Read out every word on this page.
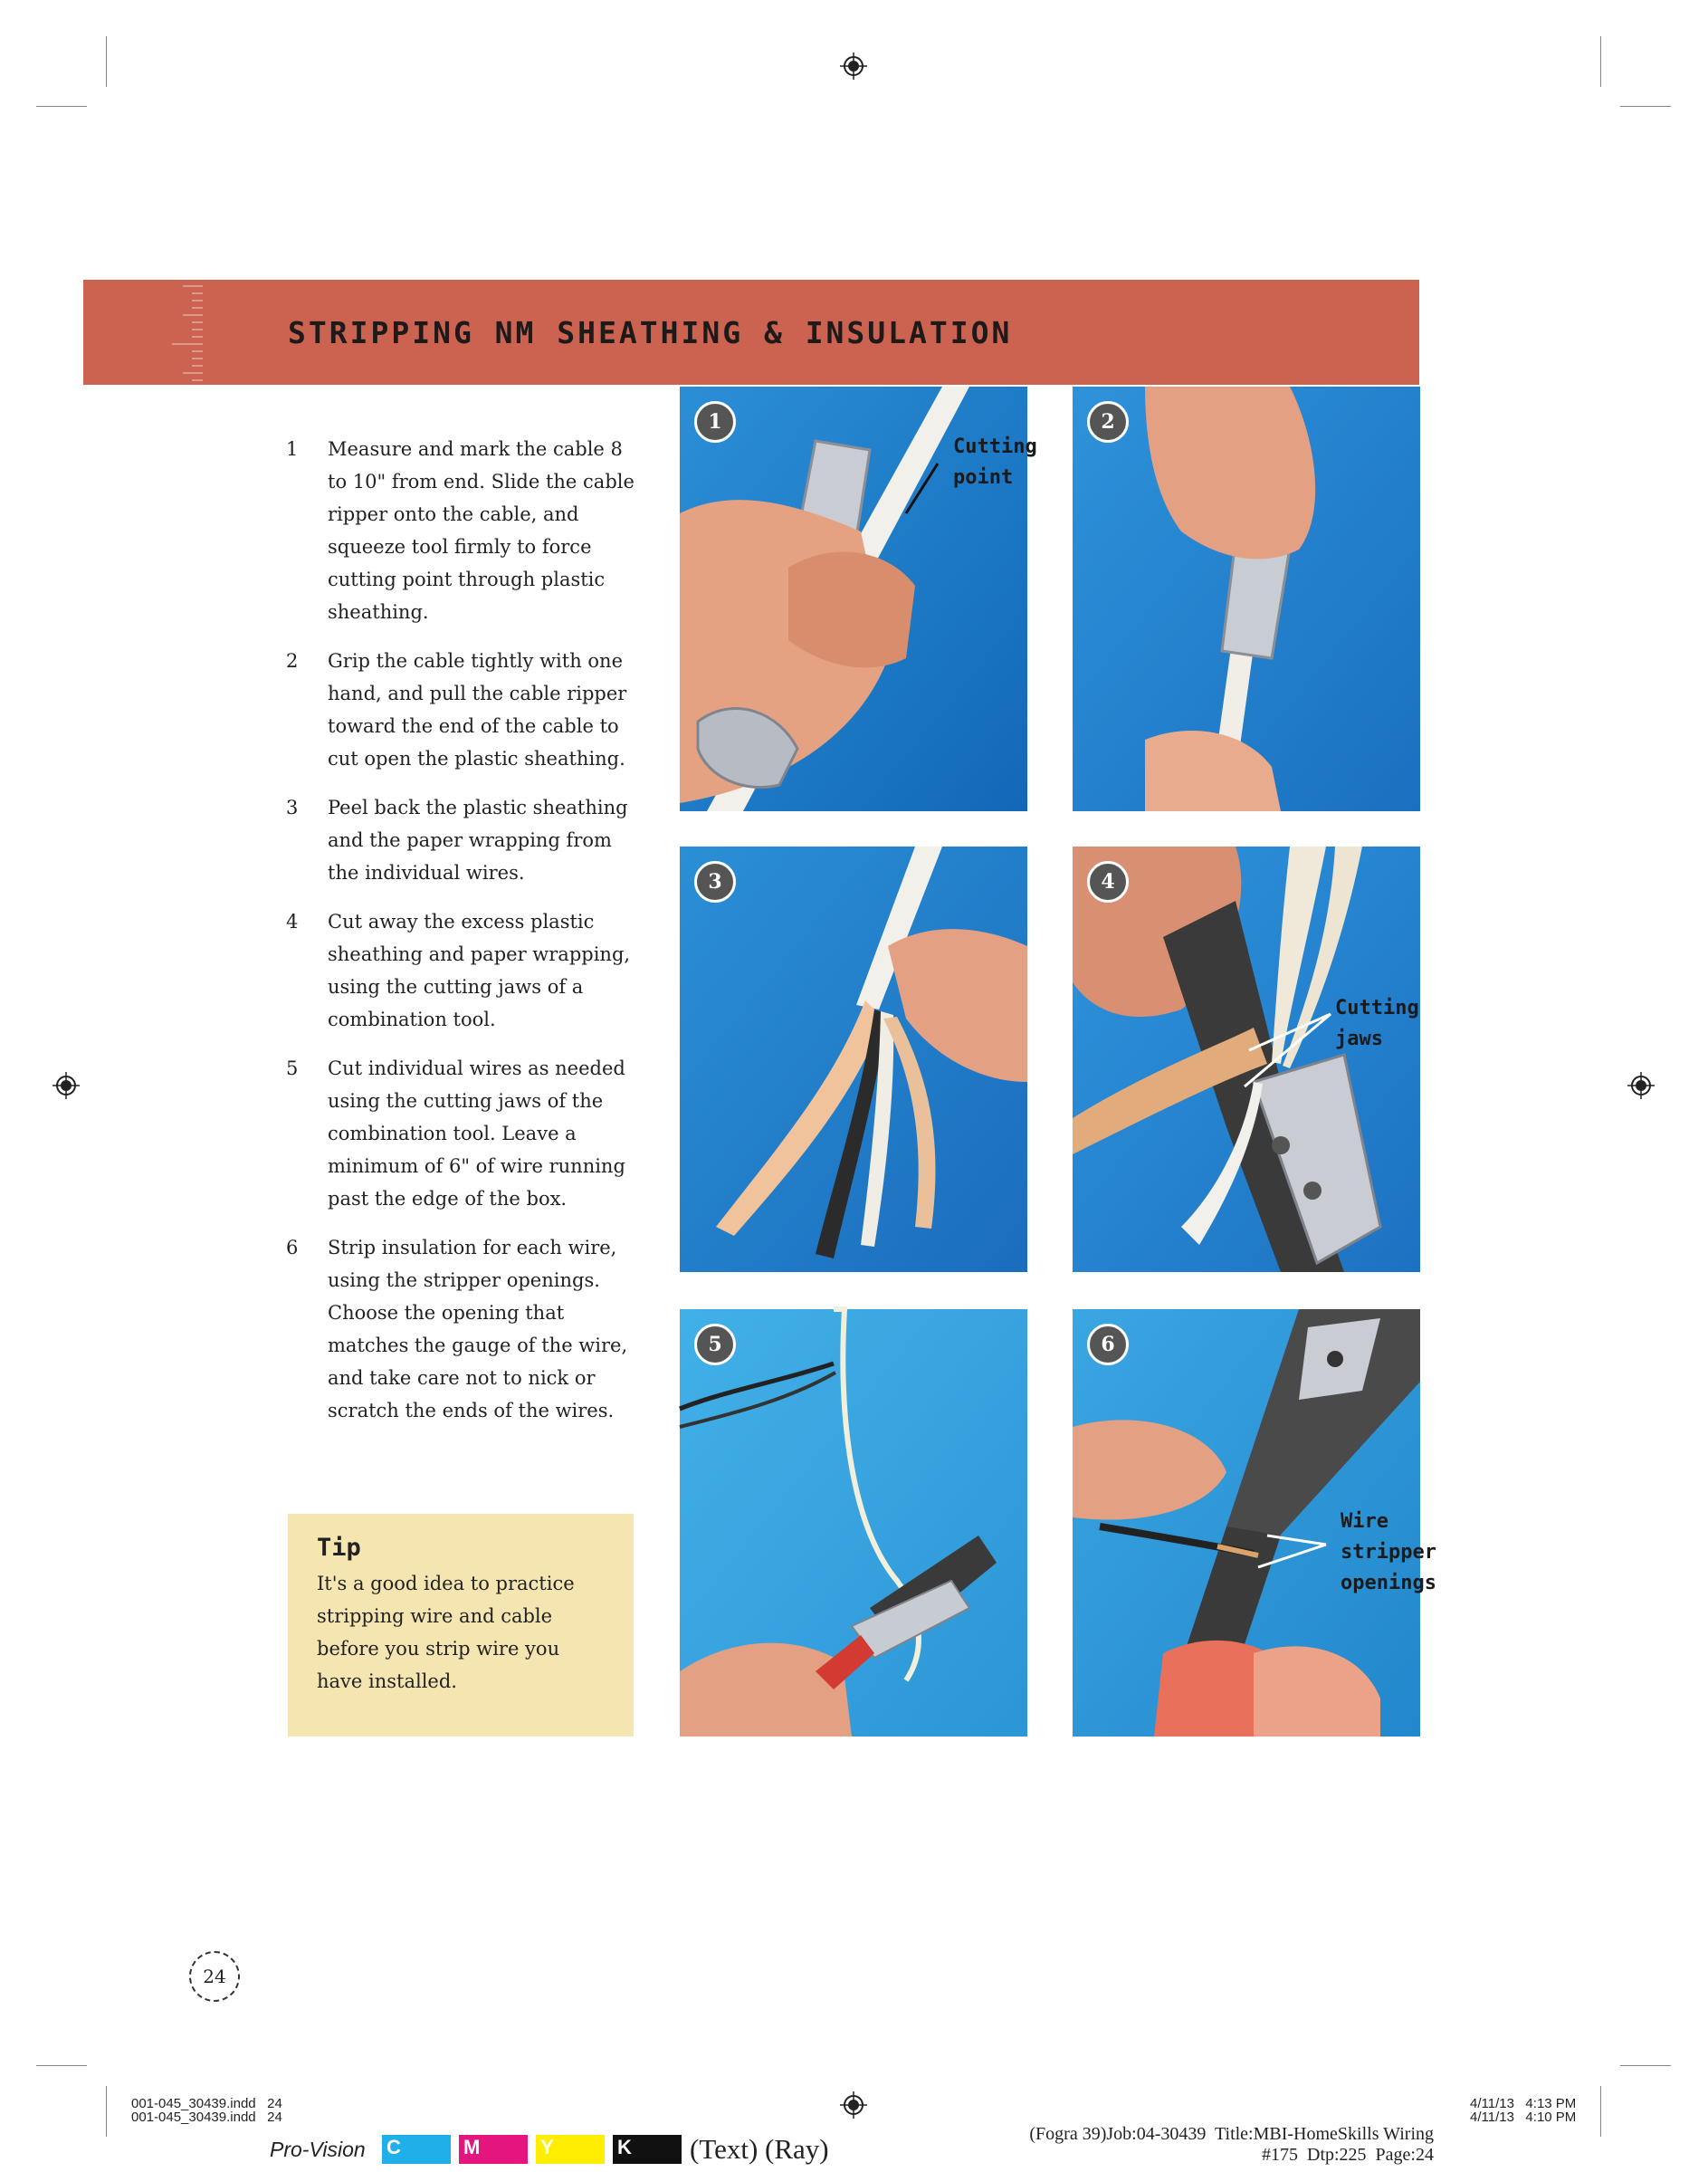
STRIPPING NM SHEATHING & INSULATION
1	Measure and mark the cable 8 to 10" from end. Slide the cable ripper onto the cable, and squeeze tool firmly to force cutting point through plastic sheathing.
2	Grip the cable tightly with one hand, and pull the cable ripper toward the end of the cable to cut open the plastic sheathing.
3	Peel back the plastic sheathing and the paper wrapping from the individual wires.
4	Cut away the excess plastic sheathing and paper wrapping, using the cutting jaws of a combination tool.
5	Cut individual wires as needed using the cutting jaws of the combination tool. Leave a minimum of 6" of wire running past the edge of the box.
6	Strip insulation for each wire, using the stripper openings. Choose the opening that matches the gauge of the wire, and take care not to nick or scratch the ends of the wires.
Tip
It's a good idea to practice stripping wire and cable before you strip wire you have installed.
1
Cutting
point
2
3	4
Cutting
jaws
5	6
Wire
stripper
openings
24
001-045_30439.indd   24
001-045_30439.indd   24
4/11/13   4:13 PM
4/11/13   4:10 PM
Pro-Vision C	M	Y	K (Text) (Ray)	(Fogra 39)Job:04-30439  Title:MBI-HomeSkills Wiring
#175  Dtp:225  Page:24
